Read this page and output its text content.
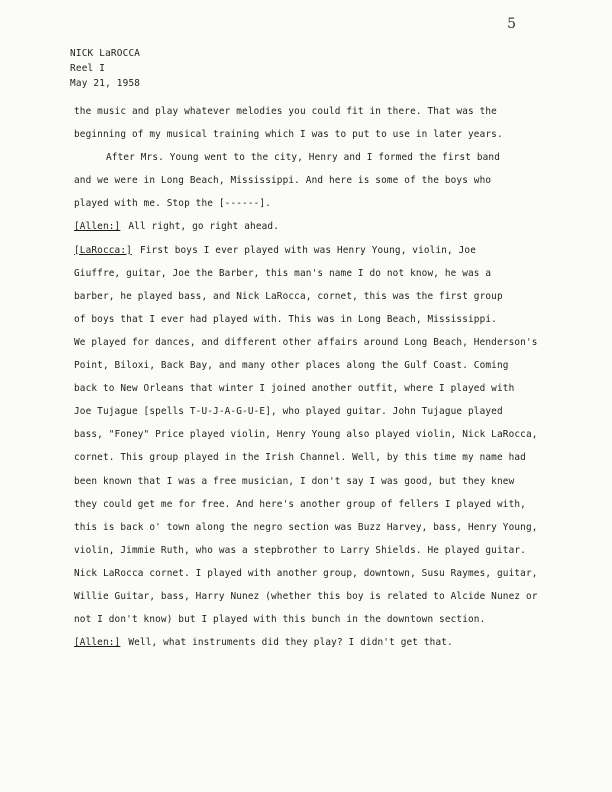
5
NICK LaROCCA
Reel I
May 21, 1958
the music and play whatever melodies you could fit in there. That was the
beginning of my musical training which I was to put to use in later years.
After Mrs. Young went to the city, Henry and I formed the first band
and we were in Long Beach, Mississippi. And here is some of the boys who
played with me. Stop the [------].
[Allen:] All right, go right ahead.
[LaRocca:] First boys I ever played with was Henry Young, violin, Joe
Giuffre, guitar, Joe the Barber, this man's name I do not know, he was a
barber, he played bass, and Nick LaRocca, cornet, this was the first group
of boys that I ever had played with. This was in Long Beach, Mississippi.
We played for dances, and different other affairs around Long Beach, Henderson's
Point, Biloxi, Back Bay, and many other places along the Gulf Coast. Coming
back to New Orleans that winter I joined another outfit, where I played with
Joe Tujague [spells T-U-J-A-G-U-E], who played guitar. John Tujague played
bass, "Foney" Price played violin, Henry Young also played violin, Nick LaRocca,
cornet. This group played in the Irish Channel. Well, by this time my name had
been known that I was a free musician, I don't say I was good, but they knew
they could get me for free. And here's another group of fellers I played with,
this is back o' town along the negro section was Buzz Harvey, bass, Henry Young,
violin, Jimmie Ruth, who was a stepbrother to Larry Shields. He played guitar.
Nick LaRocca cornet. I played with another group, downtown, Susu Raymes, guitar,
Willie Guitar, bass, Harry Nunez (whether this boy is related to Alcide Nunez or
not I don't know) but I played with this bunch in the downtown section.
[Allen:] Well, what instruments did they play? I didn't get that.
